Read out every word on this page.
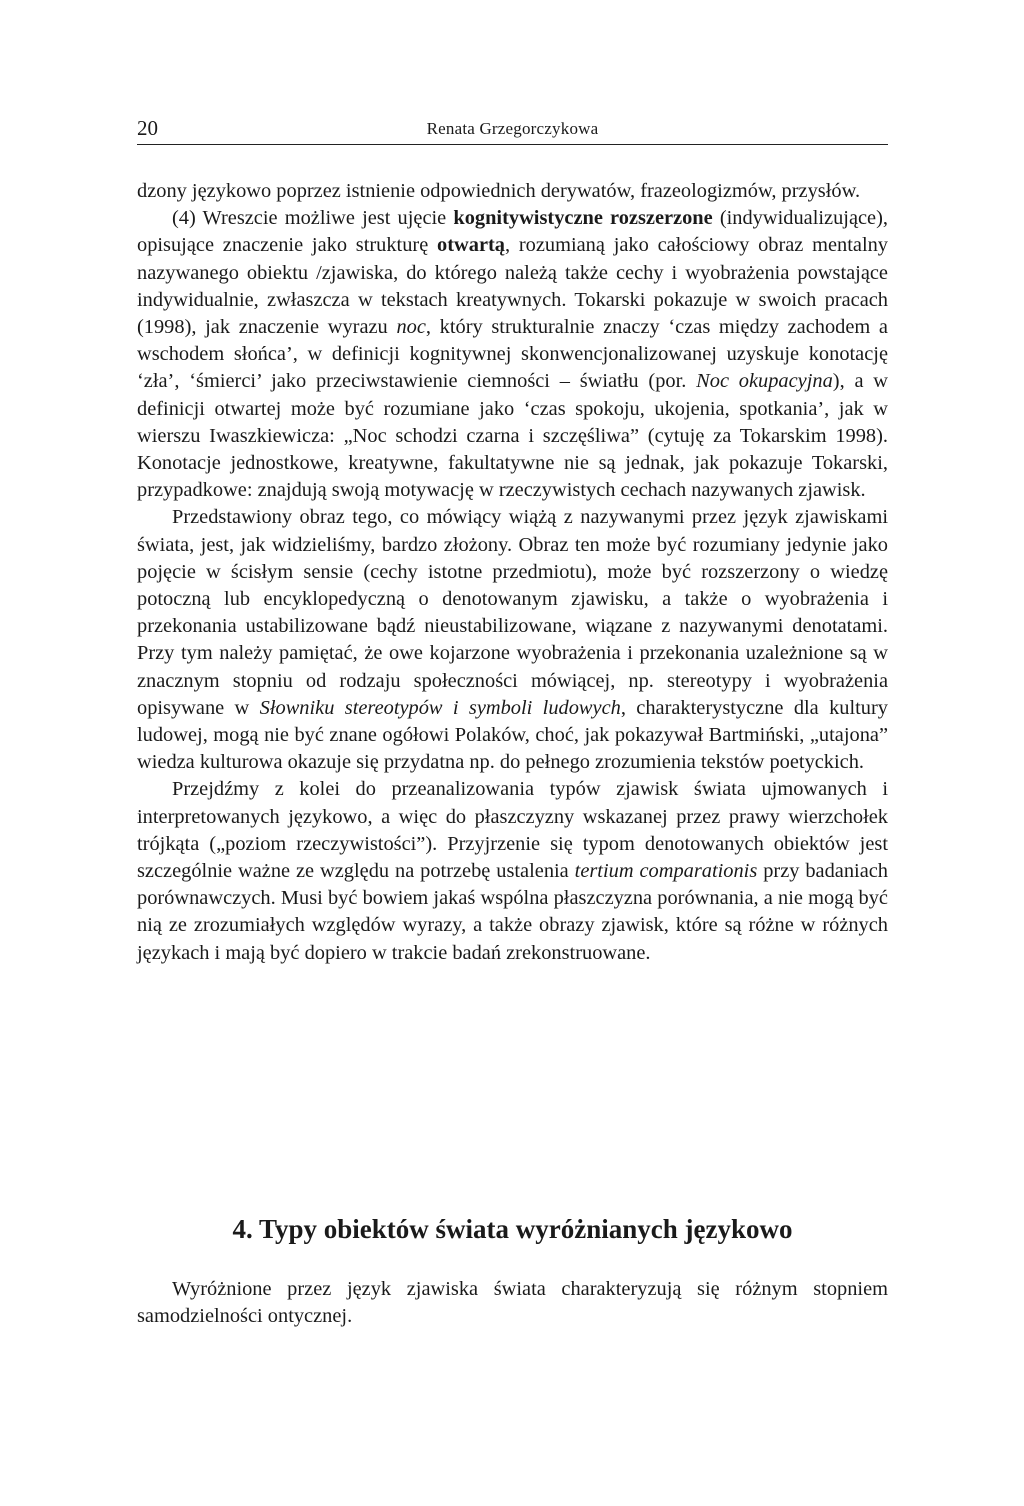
20	Renata Grzegorczykowa

dzony językowo poprzez istnienie odpowiednich derywatów, frazeologizmów, przysłów.

(4) Wreszcie możliwe jest ujęcie kognitywistyczne rozszerzone (indywidualizujące), opisujące znaczenie jako strukturę otwartą, rozumianą jako całościowy obraz mentalny nazywanego obiektu /zjawiska, do którego należą także cechy i wyobrażenia powstające indywidualnie, zwłaszcza w tekstach kreatywnych. Tokarski pokazuje w swoich pracach (1998), jak znaczenie wyrazu noc, który strukturalnie znaczy ‘czas między zachodem a wschodem słońca’, w definicji kognitywnej skonwencjonalizowanej uzyskuje konotację ‘zła’, ‘śmierci’ jako przeciwstawienie ciemności – światłu (por. Noc okupacyjna), a w definicji otwartej może być rozumiane jako ‘czas spokoju, ukojenia, spotkania’, jak w wierszu Iwaszkiewicza: „Noc schodzi czarna i szczęśliwa” (cytuję za Tokarskim 1998). Konotacje jednostkowe, kreatywne, fakultatywne nie są jednak, jak pokazuje Tokarski, przypadkowe: znajdują swoją motywację w rzeczywistych cechach nazywanych zjawisk.

Przedstawiony obraz tego, co mówiący wiążą z nazywanymi przez język zjawiskami świata, jest, jak widzieliśmy, bardzo złożony. Obraz ten może być rozumiany jedynie jako pojęcie w ścisłym sensie (cechy istotne przedmiotu), może być rozszerzony o wiedzę potoczną lub encyklopedyczną o denotowanym zjawisku, a także o wyobrażenia i przekonania ustabilizowane bądź nieustabilizowane, wiązane z nazywanymi denotatami. Przy tym należy pamiętać, że owe kojarzone wyobrażenia i przekonania uzależnione są w znacznym stopniu od rodzaju społeczności mówiącej, np. stereotypy i wyobrażenia opisywane w Słowniku stereotypów i symboli ludowych, charakterystyczne dla kultury ludowej, mogą nie być znane ogółowi Polaków, choć, jak pokazywał Bartmiński, „utajona” wiedza kulturowa okazuje się przydatna np. do pełnego zrozumienia tekstów poetyckich.

Przejdźmy z kolei do przeanalizowania typów zjawisk świata ujmowanych i interpretowanych językowo, a więc do płaszczyzny wskazanej przez prawy wierzchołek trójkąta („poziom rzeczywistości”). Przyjrzenie się typom denotowanych obiektów jest szczególnie ważne ze względu na potrzebę ustalenia tertium comparationis przy badaniach porównawczych. Musi być bowiem jakaś wspólna płaszczyzna porównania, a nie mogą być nią ze zrozumiałych względów wyrazy, a także obrazy zjawisk, które są różne w różnych językach i mają być dopiero w trakcie badań zrekonstruowane.

4. Typy obiektów świata wyróżnianych językowo

Wyróżnione przez język zjawiska świata charakteryzują się różnym stopniem samodzielności ontycznej.
